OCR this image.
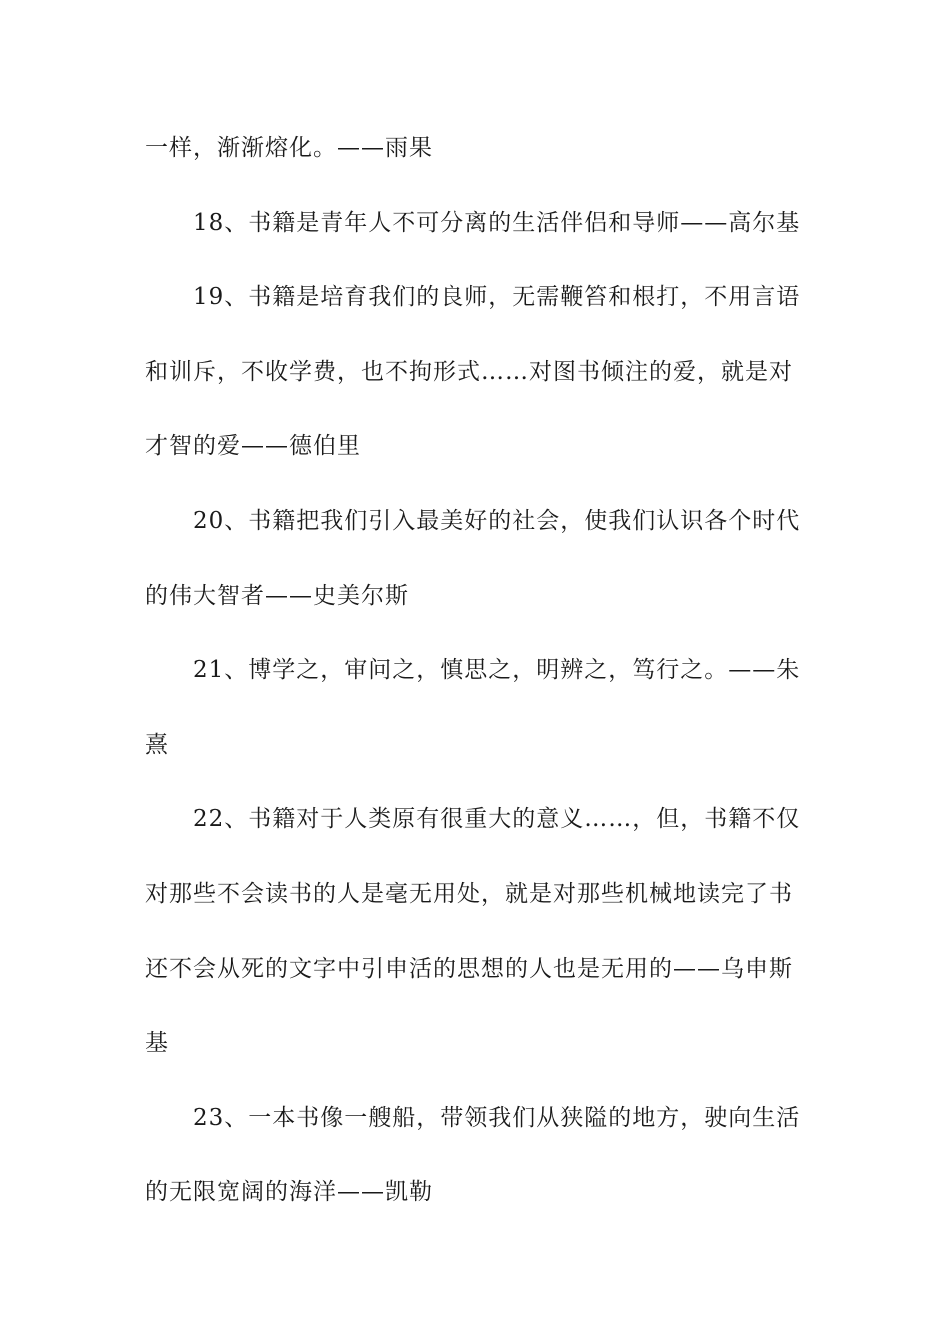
一样，渐渐熔化。——雨果
18、书籍是青年人不可分离的生活伴侣和导师——高尔基
19、书籍是培育我们的良师，无需鞭笞和根打，不用言语
和训斥，不收学费，也不拘形式……对图书倾注的爱，就是对
才智的爱——德伯里
20、书籍把我们引入最美好的社会，使我们认识各个时代
的伟大智者——史美尔斯
21、博学之，审问之，慎思之，明辨之，笃行之。——朱
熹
22、书籍对于人类原有很重大的意义……，但，书籍不仅
对那些不会读书的人是毫无用处，就是对那些机械地读完了书
还不会从死的文字中引申活的思想的人也是无用的——乌申斯
基
23、一本书像一艘船，带领我们从狭隘的地方，驶向生活
的无限宽阔的海洋——凯勒
